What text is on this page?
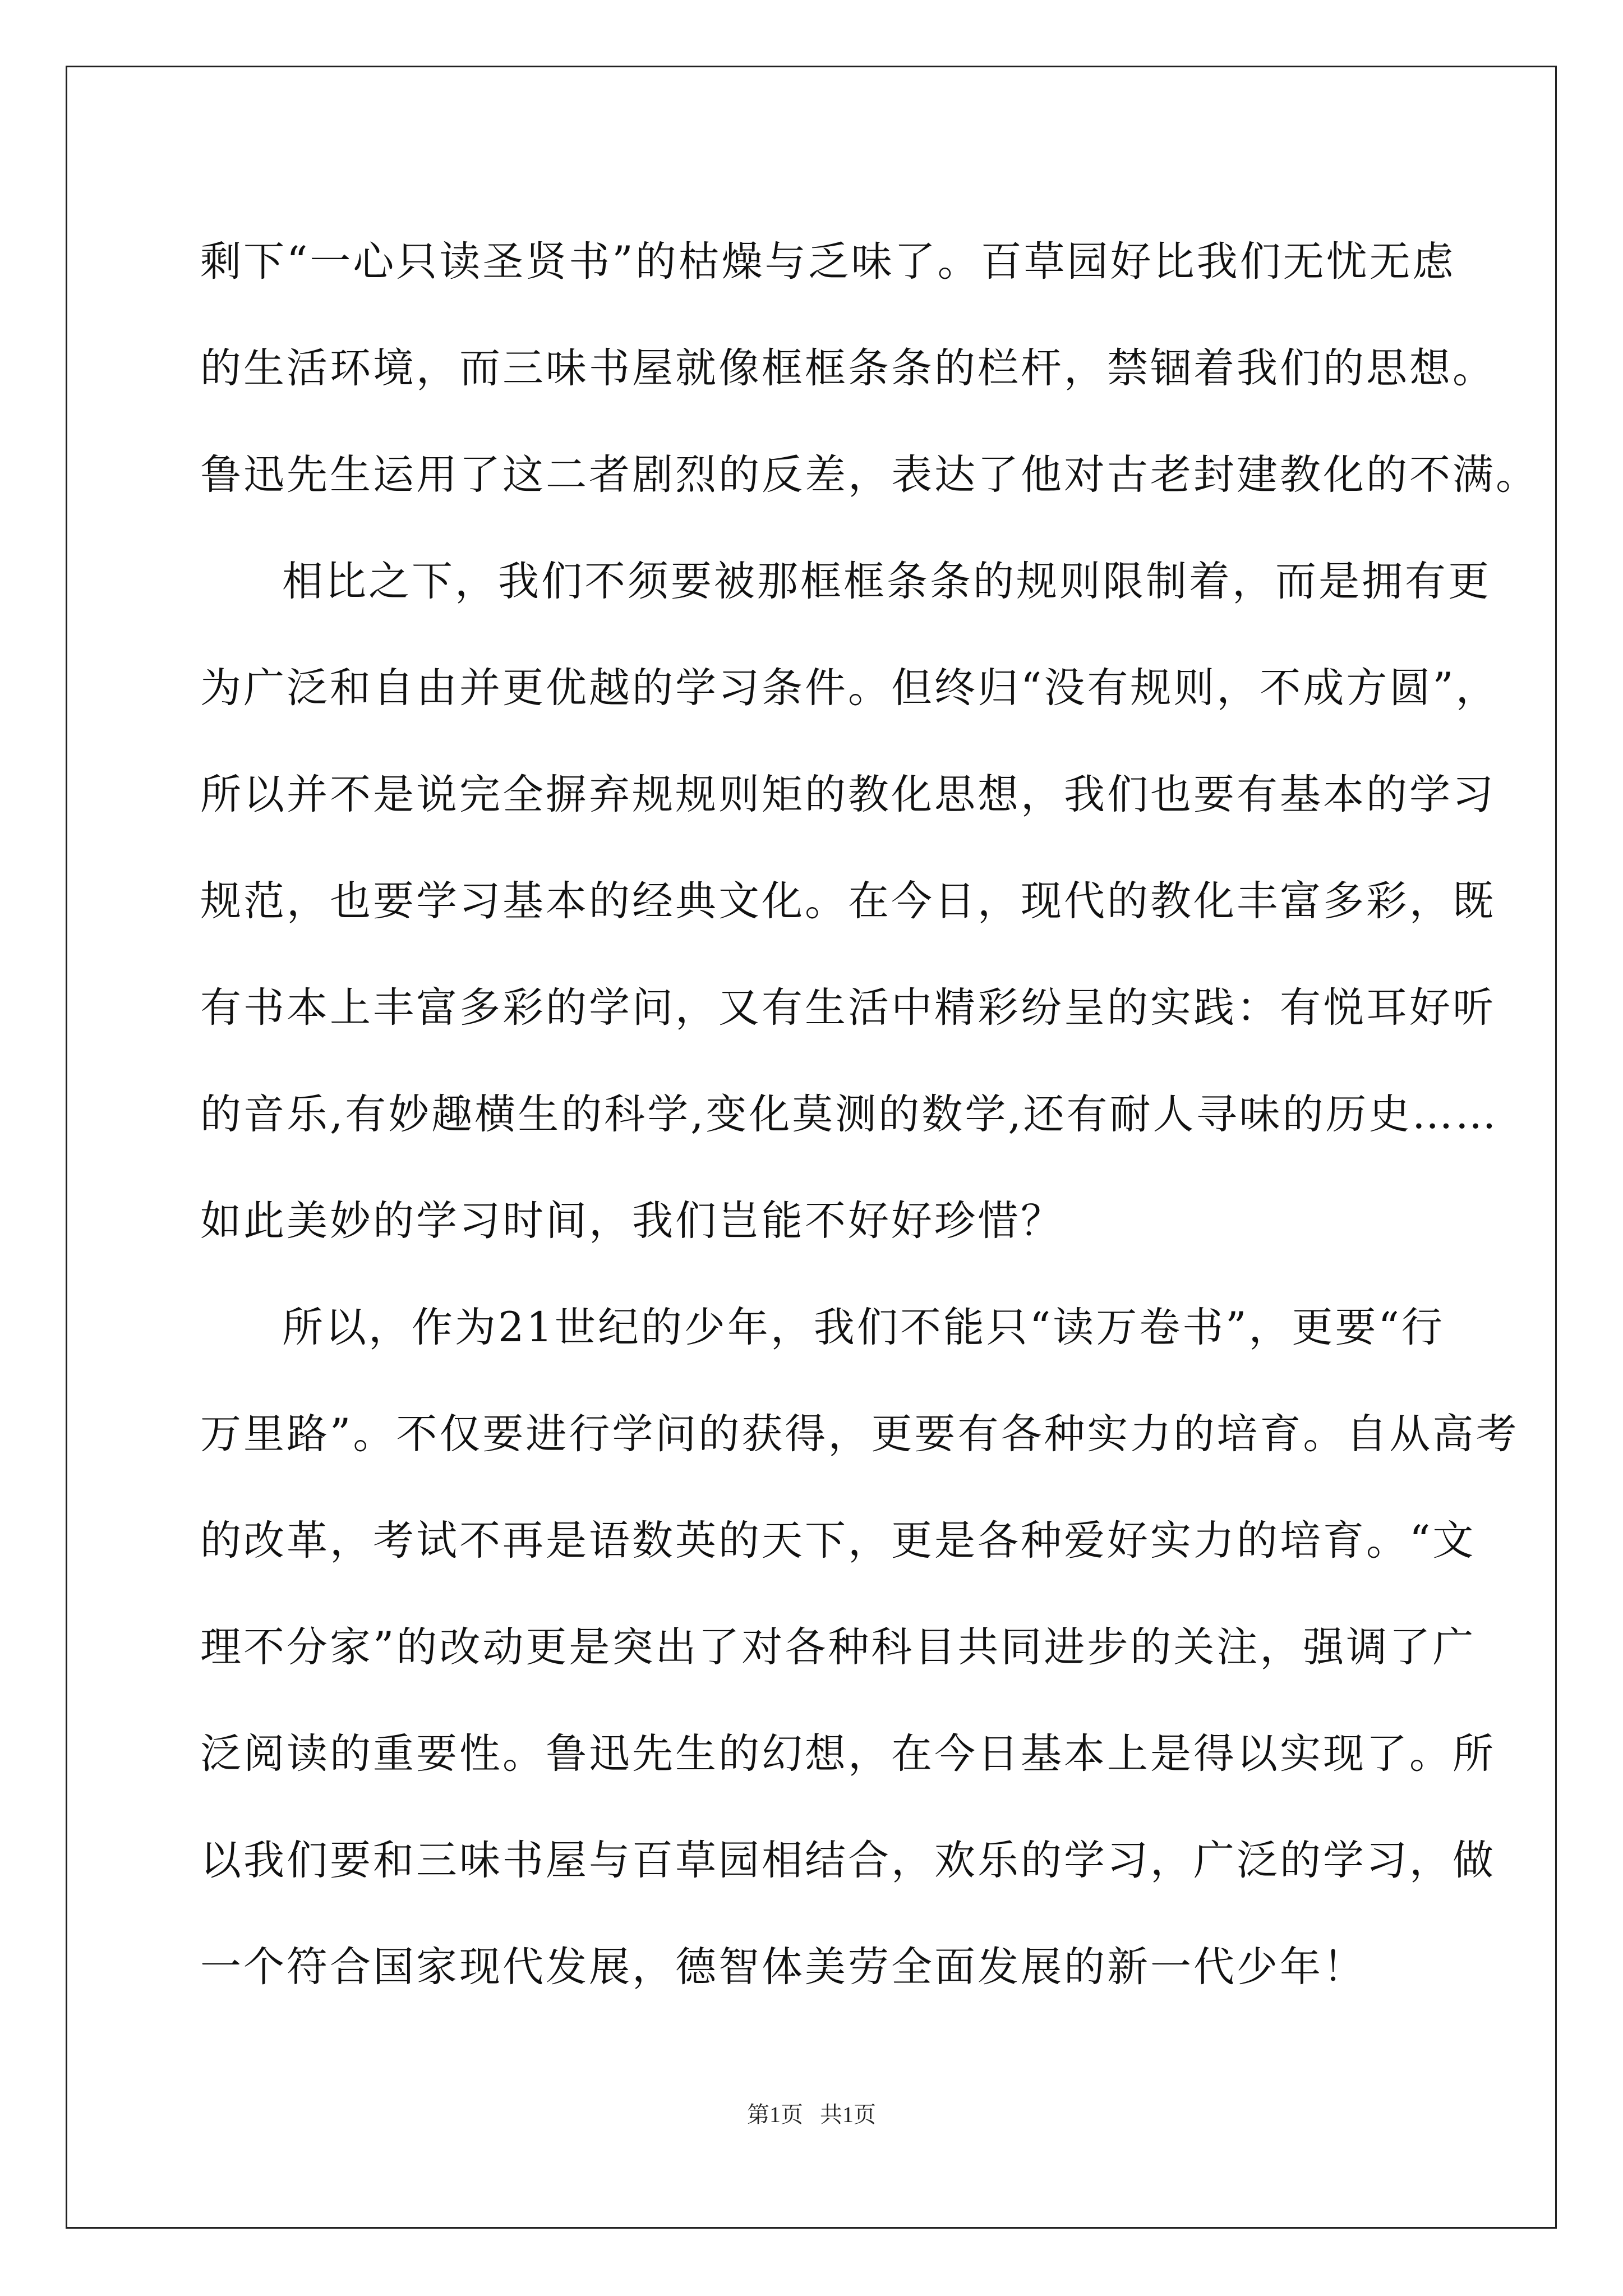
剩下“一心只读圣贤书”的枯燥与乏味了。百草园好比我们无忧无虑
的生活环境，而三味书屋就像框框条条的栏杆，禁锢着我们的思想。
鲁迅先生运用了这二者剧烈的反差，表达了他对古老封建教化的不满。
相比之下，我们不须要被那框框条条的规则限制着，而是拥有更
为广泛和自由并更优越的学习条件。但终归“没有规则，不成方圆”，
所以并不是说完全摒弃规规则矩的教化思想，我们也要有基本的学习
规范，也要学习基本的经典文化。在今日，现代的教化丰富多彩，既
有书本上丰富多彩的学问，又有生活中精彩纷呈的实践：有悦耳好听
的音乐,有妙趣横生的科学,变化莫测的数学,还有耐人寻味的历史……
如此美妙的学习时间，我们岂能不好好珍惜？
所以，作为21世纪的少年，我们不能只“读万卷书”，更要“行
万里路”。不仅要进行学问的获得，更要有各种实力的培育。自从高考
的改革，考试不再是语数英的天下，更是各种爱好实力的培育。“文
理不分家”的改动更是突出了对各种科目共同进步的关注，强调了广
泛阅读的重要性。鲁迅先生的幻想，在今日基本上是得以实现了。所
以我们要和三味书屋与百草园相结合，欢乐的学习，广泛的学习，做
一个符合国家现代发展，德智体美劳全面发展的新一代少年！
第1页 共1页
